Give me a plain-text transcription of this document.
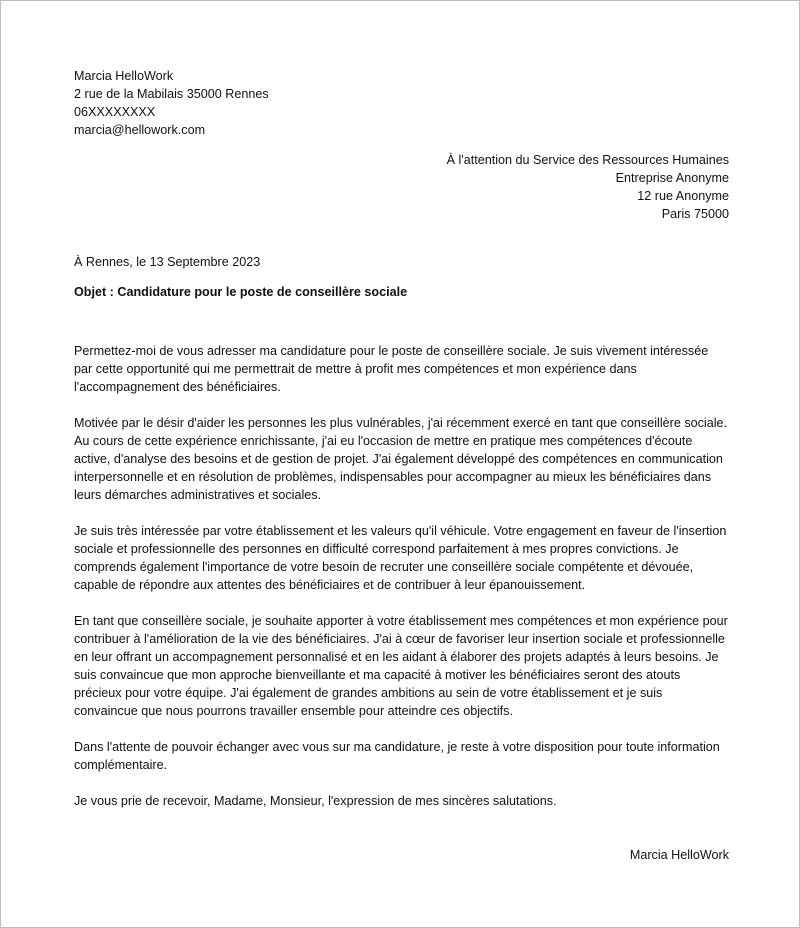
Marcia HelloWork
2 rue de la Mabilais 35000 Rennes
06XXXXXXXX
marcia@hellowork.com
À l'attention du Service des Ressources Humaines
Entreprise Anonyme
12 rue Anonyme
Paris 75000
À Rennes, le 13 Septembre 2023
Objet : Candidature pour le poste de conseillère sociale

Permettez-moi de vous adresser ma candidature pour le poste de conseillère sociale. Je suis vivement intéressée par cette opportunité qui me permettrait de mettre à profit mes compétences et mon expérience dans l'accompagnement des bénéficiaires.

Motivée par le désir d'aider les personnes les plus vulnérables, j'ai récemment exercé en tant que conseillère sociale. Au cours de cette expérience enrichissante, j'ai eu l'occasion de mettre en pratique mes compétences d'écoute active, d'analyse des besoins et de gestion de projet. J'ai également développé des compétences en communication interpersonnelle et en résolution de problèmes, indispensables pour accompagner au mieux les bénéficiaires dans leurs démarches administratives et sociales.

Je suis très intéressée par votre établissement et les valeurs qu'il véhicule. Votre engagement en faveur de l'insertion sociale et professionnelle des personnes en difficulté correspond parfaitement à mes propres convictions. Je comprends également l'importance de votre besoin de recruter une conseillère sociale compétente et dévouée, capable de répondre aux attentes des bénéficiaires et de contribuer à leur épanouissement.

En tant que conseillère sociale, je souhaite apporter à votre établissement mes compétences et mon expérience pour contribuer à l'amélioration de la vie des bénéficiaires. J'ai à cœur de favoriser leur insertion sociale et professionnelle en leur offrant un accompagnement personnalisé et en les aidant à élaborer des projets adaptés à leurs besoins. Je suis convaincue que mon approche bienveillante et ma capacité à motiver les bénéficiaires seront des atouts précieux pour votre équipe. J'ai également de grandes ambitions au sein de votre établissement et je suis convaincue que nous pourrons travailler ensemble pour atteindre ces objectifs.

Dans l'attente de pouvoir échanger avec vous sur ma candidature, je reste à votre disposition pour toute information complémentaire.

Je vous prie de recevoir, Madame, Monsieur, l'expression de mes sincères salutations.

Marcia HelloWork
